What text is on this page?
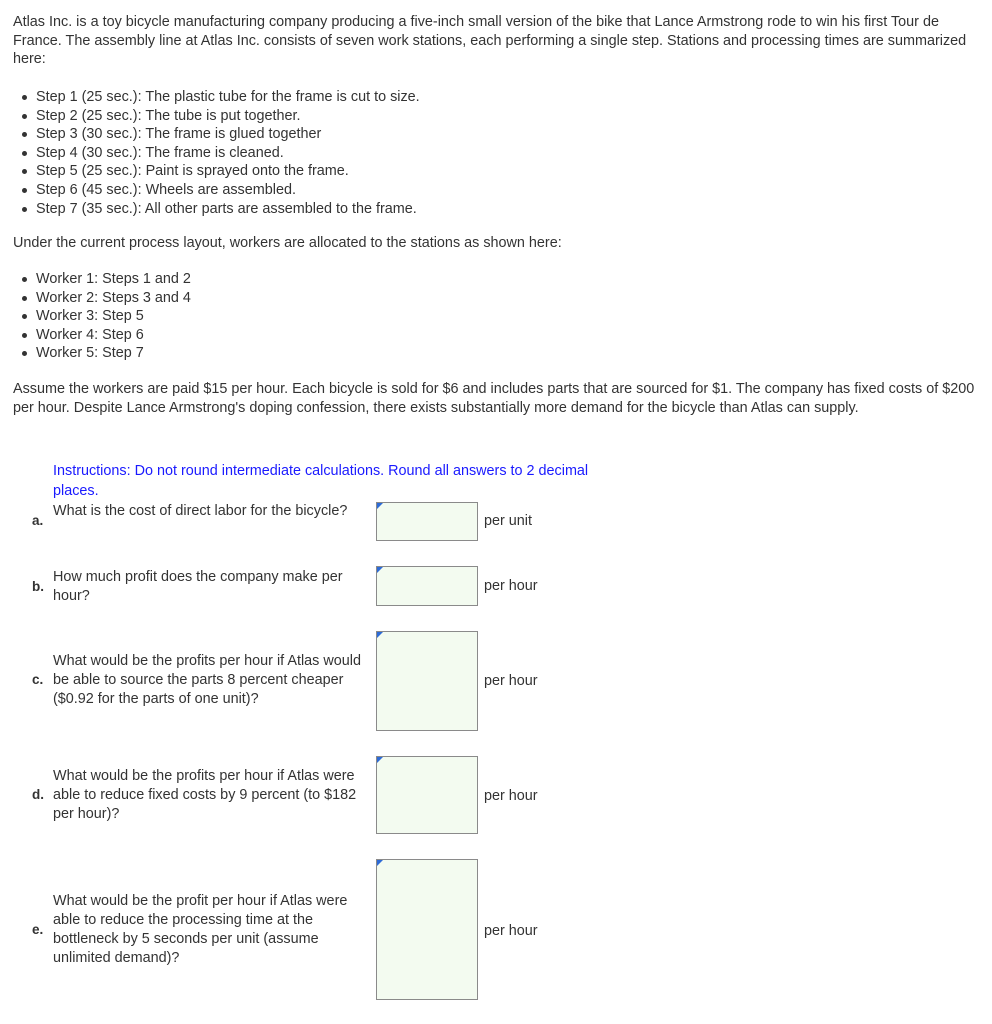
Atlas Inc. is a toy bicycle manufacturing company producing a five-inch small version of the bike that Lance Armstrong rode to win his first Tour de France. The assembly line at Atlas Inc. consists of seven work stations, each performing a single step. Stations and processing times are summarized here:

Step 1 (25 sec.): The plastic tube for the frame is cut to size.
Step 2 (25 sec.): The tube is put together.
Step 3 (30 sec.): The frame is glued together
Step 4 (30 sec.): The frame is cleaned.
Step 5 (25 sec.): Paint is sprayed onto the frame.
Step 6 (45 sec.): Wheels are assembled.
Step 7 (35 sec.): All other parts are assembled to the frame.

Under the current process layout, workers are allocated to the stations as shown here:

Worker 1: Steps 1 and 2
Worker 2: Steps 3 and 4
Worker 3: Step 5
Worker 4: Step 6
Worker 5: Step 7

Assume the workers are paid $15 per hour. Each bicycle is sold for $6 and includes parts that are sourced for $1. The company has fixed costs of $200 per hour. Despite Lance Armstrong's doping confession, there exists substantially more demand for the bicycle than Atlas can supply.

Instructions: Do not round intermediate calculations. Round all answers to 2 decimal places.

a.
What is the cost of direct labor for the bicycle?
per unit
b.
How much profit does the company make per hour?
per hour
c.
What would be the profits per hour if Atlas would be able to source the parts 8 percent cheaper ($0.92 for the parts of one unit)?
per hour
d.
What would be the profits per hour if Atlas were able to reduce fixed costs by 9 percent (to $182 per hour)?
per hour
e.
What would be the profit per hour if Atlas were able to reduce the processing time at the bottleneck by 5 seconds per unit (assume unlimited demand)?
per hour
